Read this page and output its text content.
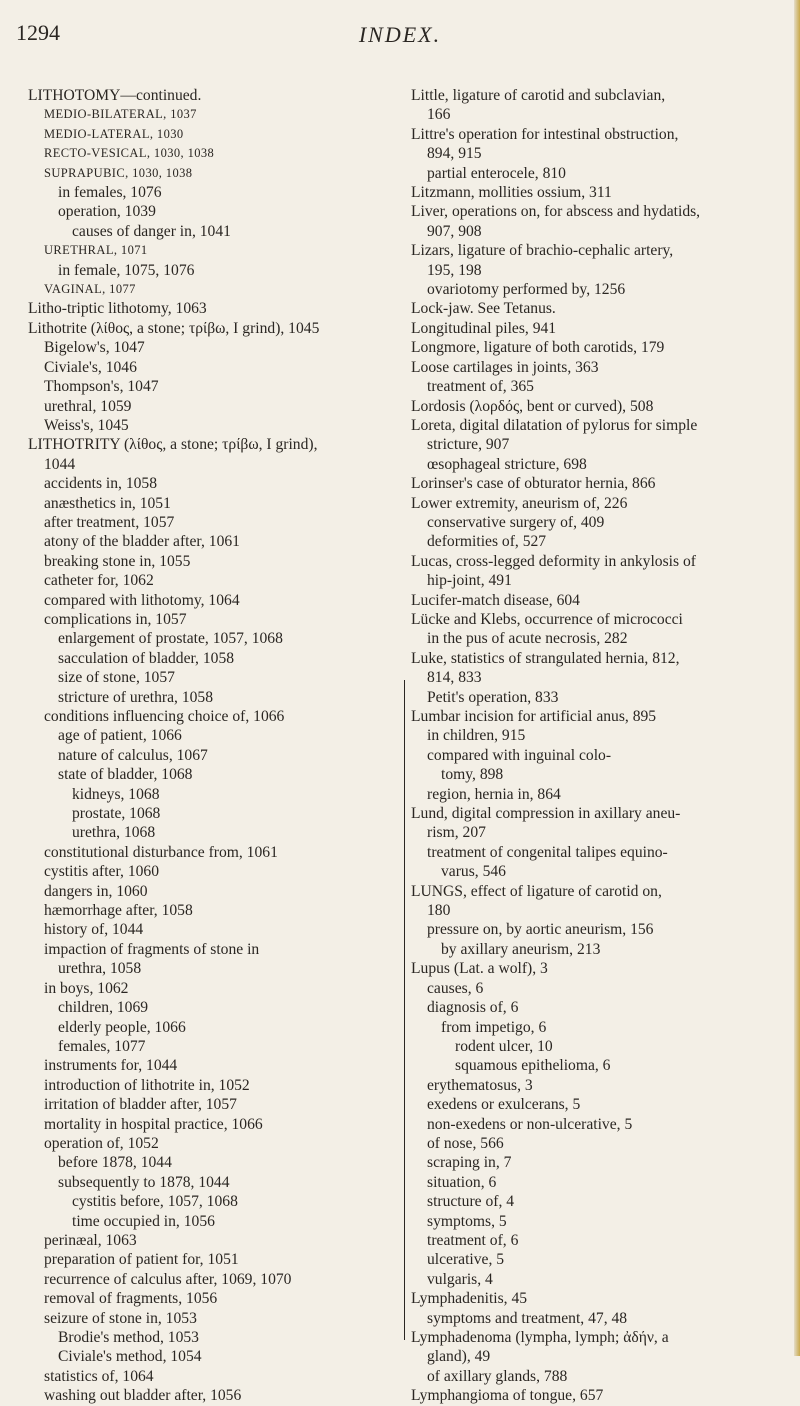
1294	INDEX.
LITHOTOMY—continued.
MEDIO-BILATERAL, 1037
MEDIO-LATERAL, 1030
RECTO-VESICAL, 1030, 1038
SUPRAPUBIC, 1030, 1038
in females, 1076
operation, 1039
causes of danger in, 1041
URETHRAL, 1071
in female, 1075, 1076
VAGINAL, 1077
Litho-triptic lithotomy, 1063
Lithotrite (λίθος, a stone; τρίβω, I grind), 1045
Bigelow's, 1047
Civiale's, 1046
Thompson's, 1047
urethral, 1059
Weiss's, 1045
LITHOTRITY (λίθος, a stone; τρίβω, I grind),
1044
accidents in, 1058
anæsthetics in, 1051
after treatment, 1057
atony of the bladder after, 1061
breaking stone in, 1055
catheter for, 1062
compared with lithotomy, 1064
complications in, 1057
enlargement of prostate, 1057, 1068
sacculation of bladder, 1058
size of stone, 1057
stricture of urethra, 1058
conditions influencing choice of, 1066
age of patient, 1066
nature of calculus, 1067
state of bladder, 1068
kidneys, 1068
prostate, 1068
urethra, 1068
constitutional disturbance from, 1061
cystitis after, 1060
dangers in, 1060
hæmorrhage after, 1058
history of, 1044
impaction of fragments of stone in
urethra, 1058
in boys, 1062
children, 1069
elderly people, 1066
females, 1077
instruments for, 1044
introduction of lithotrite in, 1052
irritation of bladder after, 1057
mortality in hospital practice, 1066
operation of, 1052
before 1878, 1044
subsequently to 1878, 1044
cystitis before, 1057, 1068
time occupied in, 1056
perinæal, 1063
preparation of patient for, 1051
recurrence of calculus after, 1069, 1070
removal of fragments, 1056
seizure of stone in, 1053
Brodie's method, 1053
Civiale's method, 1054
statistics of, 1064
washing out bladder after, 1056
Little, ligature of carotid and subclavian,
166
Littre's operation for intestinal obstruction,
894, 915
partial enterocele, 810
Litzmann, mollities ossium, 311
Liver, operations on, for abscess and hydatids,
907, 908
Lizars, ligature of brachio-cephalic artery,
195, 198
ovariotomy performed by, 1256
Lock-jaw. See Tetanus.
Longitudinal piles, 941
Longmore, ligature of both carotids, 179
Loose cartilages in joints, 363
treatment of, 365
Lordosis (λορδός, bent or curved), 508
Loreta, digital dilatation of pylorus for simple
stricture, 907
œsophageal stricture, 698
Lorinser's case of obturator hernia, 866
Lower extremity, aneurism of, 226
conservative surgery of, 409
deformities of, 527
Lucas, cross-legged deformity in ankylosis of
hip-joint, 491
Lucifer-match disease, 604
Lücke and Klebs, occurrence of micrococci
in the pus of acute necrosis, 282
Luke, statistics of strangulated hernia, 812,
814, 833
Petit's operation, 833
Lumbar incision for artificial anus, 895
in children, 915
compared with inguinal colo-
tomy, 898
region, hernia in, 864
Lund, digital compression in axillary aneu-
rism, 207
treatment of congenital talipes equino-
varus, 546
LUNGS, effect of ligature of carotid on,
180
pressure on, by aortic aneurism, 156
by axillary aneurism, 213
Lupus (Lat. a wolf), 3
causes, 6
diagnosis of, 6
from impetigo, 6
rodent ulcer, 10
squamous epithelioma, 6
erythematosus, 3
exedens or exulcerans, 5
non-exedens or non-ulcerative, 5
of nose, 566
scraping in, 7
situation, 6
structure of, 4
symptoms, 5
treatment of, 6
ulcerative, 5
vulgaris, 4
Lymphadenitis, 45
symptoms and treatment, 47, 48
Lymphadenoma (lympha, lymph; ἀδήν, a
gland), 49
of axillary glands, 788
Lymphangioma of tongue, 657
